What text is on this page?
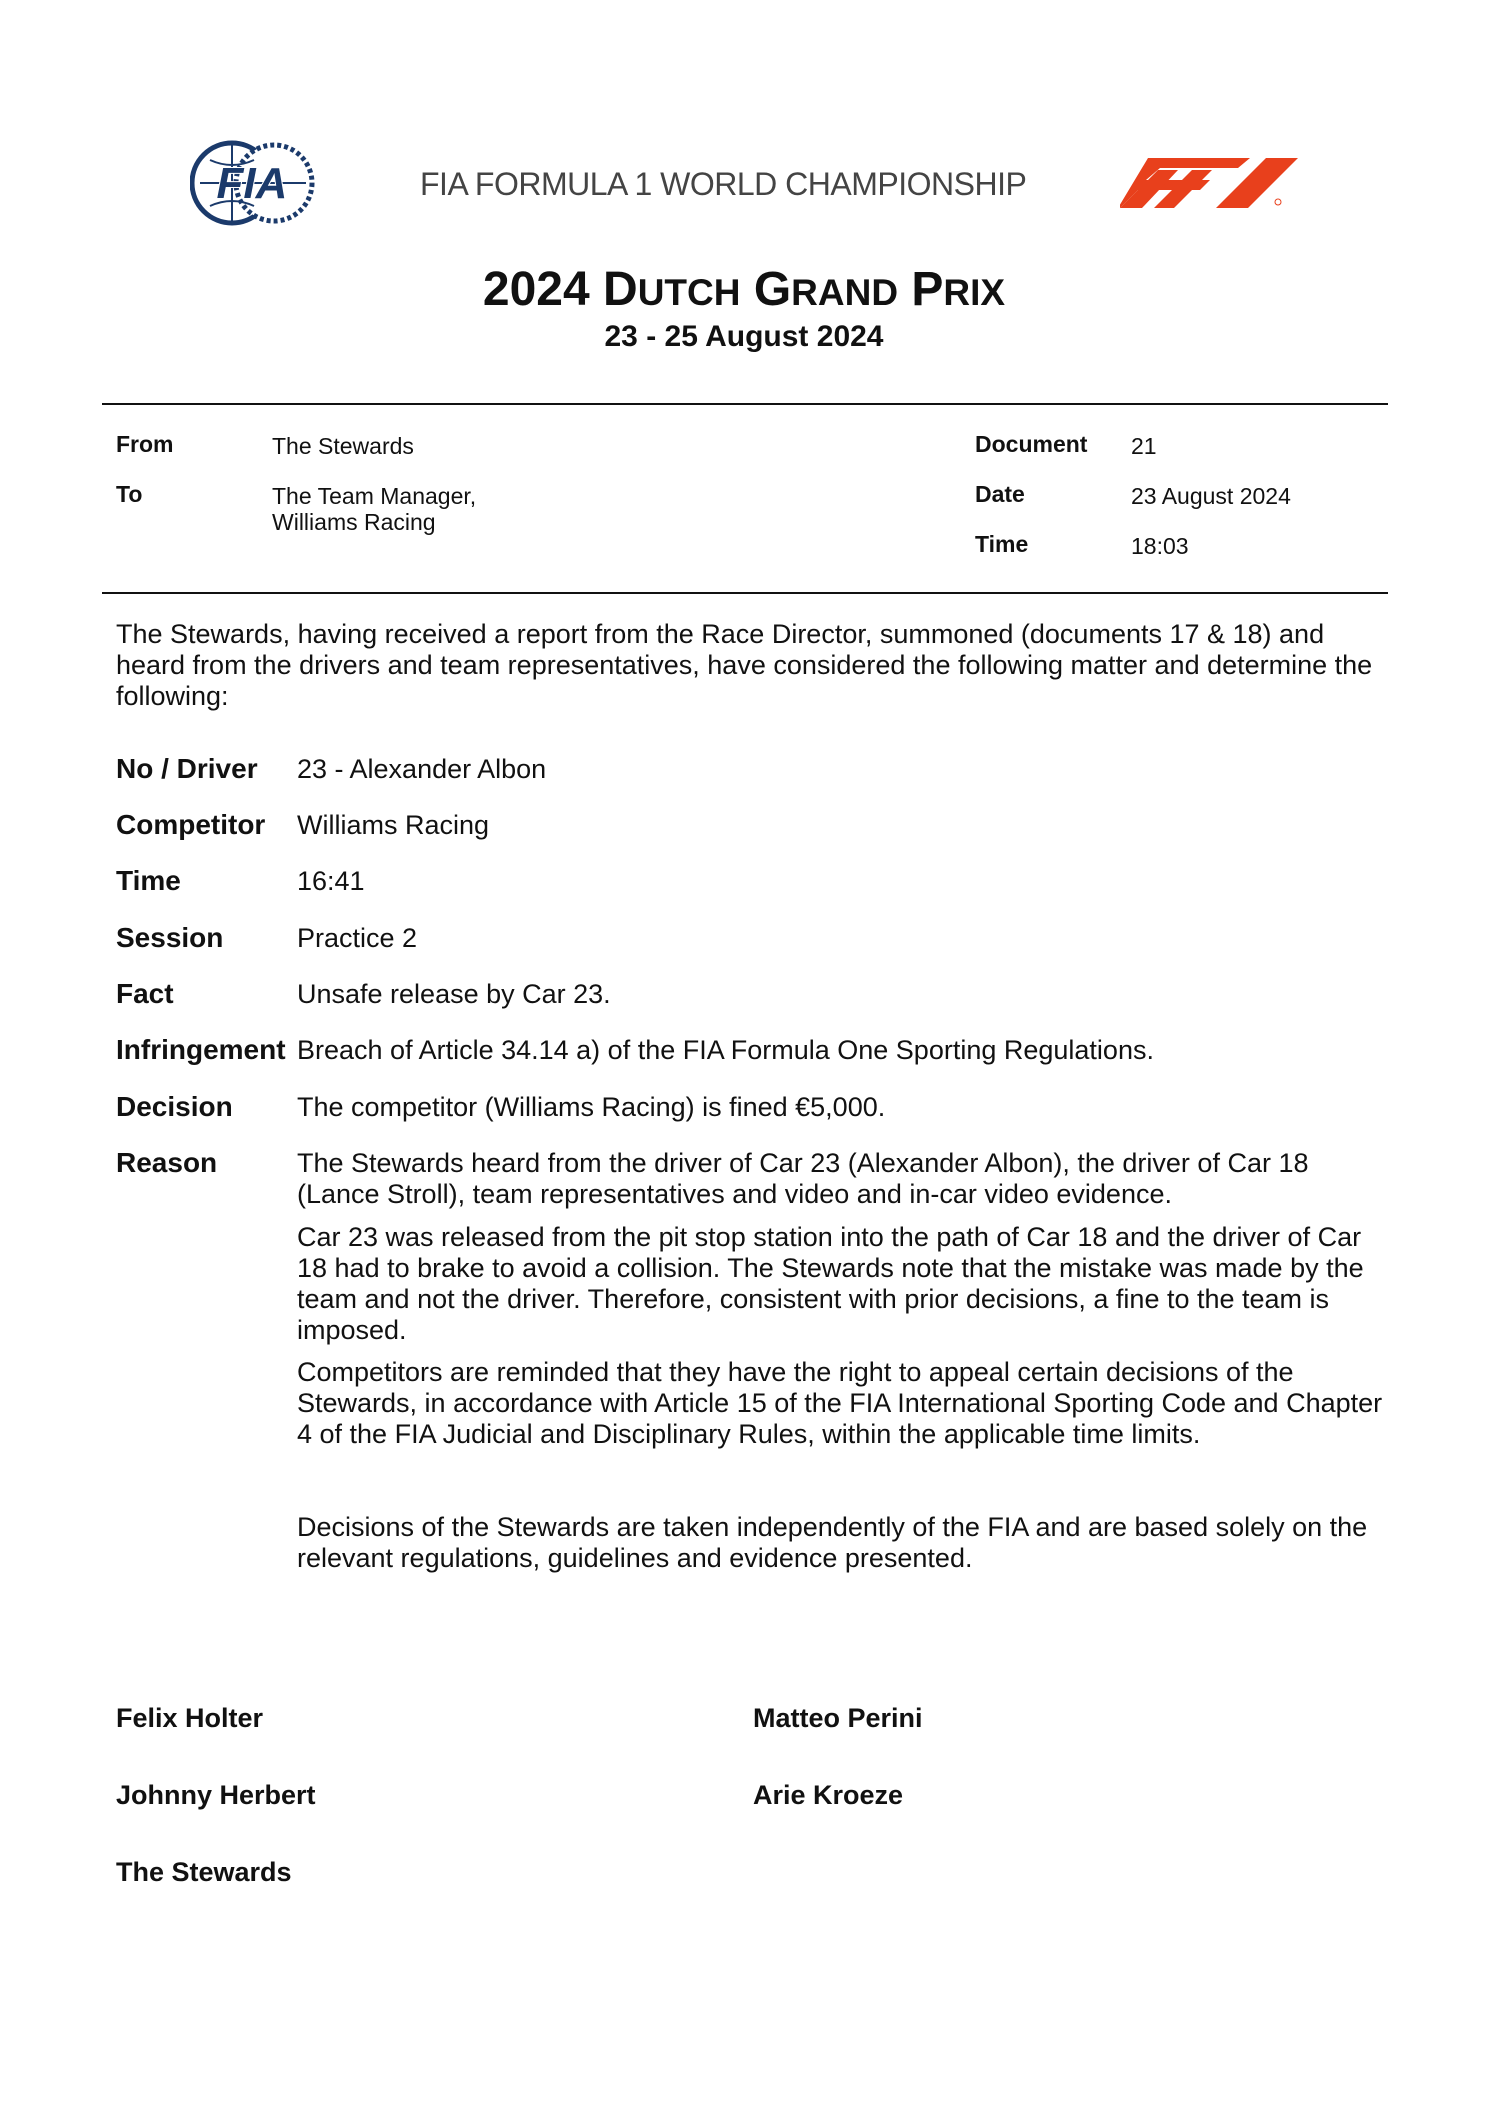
FIA	FIA FORMULA 1 WORLD CHAMPIONSHIP
2024 DUTCH GRAND PRIX
23 - 25 August 2024
From	The Stewards
To	The Team Manager,
Williams Racing
Document 21
Date	23 August 2024
Time	18:03
The Stewards, having received a report from the Race Director, summoned (documents 17 & 18) and heard from the drivers and team representatives, have considered the following matter and determine the following:
No / Driver 23 - Alexander Albon
Competitor Williams Racing
Time	16:41
Session	Practice 2
Fact	Unsafe release by Car 23.
Infringement Breach of Article 34.14 a) of the FIA Formula One Sporting Regulations.
Decision The competitor (Williams Racing) is fined €5,000.
Reason	The Stewards heard from the driver of Car 23 (Alexander Albon), the driver of Car 18 (Lance Stroll), team representatives and video and in-car video evidence.
Car 23 was released from the pit stop station into the path of Car 18 and the driver of Car 18 had to brake to avoid a collision. The Stewards note that the mistake was made by the team and not the driver. Therefore, consistent with prior decisions, a fine to the team is imposed.
Competitors are reminded that they have the right to appeal certain decisions of the Stewards, in accordance with Article 15 of the FIA International Sporting Code and Chapter 4 of the FIA Judicial and Disciplinary Rules, within the applicable time limits.
Decisions of the Stewards are taken independently of the FIA and are based solely on the relevant regulations, guidelines and evidence presented.
Felix Holter	Matteo Perini
Johnny Herbert	Arie Kroeze
The Stewards
